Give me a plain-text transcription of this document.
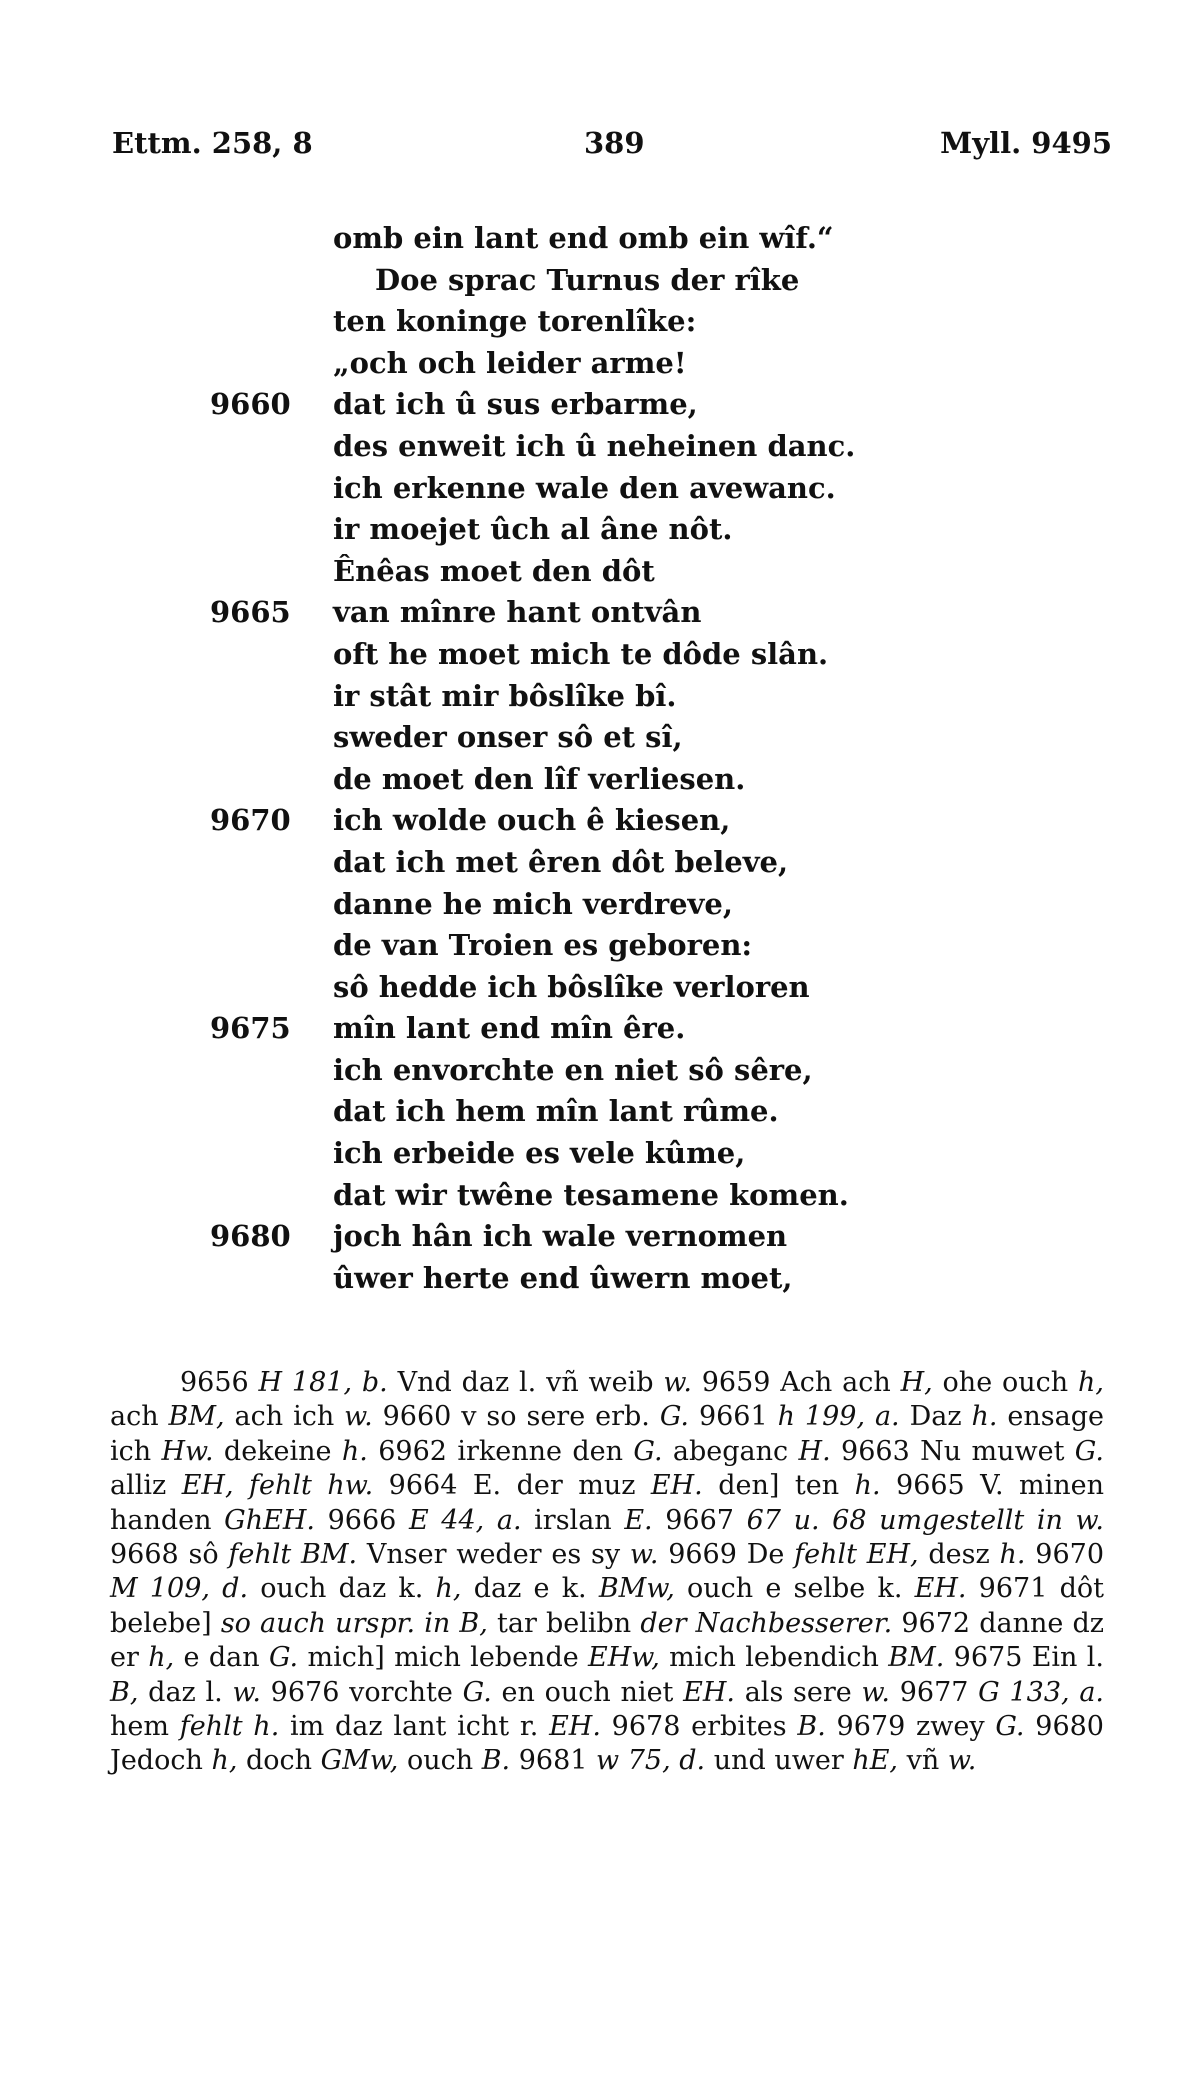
Ettm. 258, 8	389	Myll. 9495
omb ein lant end omb ein wîf.“
Doe sprac Turnus der rîke
ten koninge torenlîke:
„och och leider arme!
9660	dat ich û sus erbarme,
des enweit ich û neheinen danc.
ich erkenne wale den avewanc.
ir moejet ûch al âne nôt.
Ênêas moet den dôt
9665	van mînre hant ontvân
oft he moet mich te dôde slân.
ir stât mir bôslîke bî.
sweder onser sô et sî,
de moet den lîf verliesen.
9670	ich wolde ouch ê kiesen,
dat ich met êren dôt beleve,
danne he mich verdreve,
de van Troien es geboren:
sô hedde ich bôslîke verloren
9675	mîn lant end mîn êre.
ich envorchte en niet sô sêre,
dat ich hem mîn lant rûme.
ich erbeide es vele kûme,
dat wir twêne tesamene komen.
9680	joch hân ich wale vernomen
ûwer herte end ûwern moet,

9656 H 181, b. Vnd daz l. vñ weib w. 9659 Ach ach H, ohe ouch h, ach BM, ach ich w. 9660 v so sere erb. G. 9661 h 199, a. Daz h. ensage ich Hw. dekeine h. 6962 irkenne den G. abeganc H. 9663 Nu muwet G. alliz EH, fehlt hw. 9664 E. der muz EH. den] ten h. 9665 V. minen handen GhEH. 9666 E 44, a. irslan E. 9667 67 u. 68 umgestellt in w. 9668 sô fehlt BM. Vnser weder es sy w. 9669 De fehlt EH, desz h. 9670 M 109, d. ouch daz k. h, daz e k. BMw, ouch e selbe k. EH. 9671 dôt belebe] so auch urspr. in B, tar belibn der Nachbesserer. 9672 danne dz er h, e dan G. mich] mich lebende EHw, mich lebendich BM. 9675 Ein l. B, daz l. w. 9676 vorchte G. en ouch niet EH. als sere w. 9677 G 133, a. hem fehlt h. im daz lant icht r. EH. 9678 erbites B. 9679 zwey G. 9680 Jedoch h, doch GMw, ouch B. 9681 w 75, d. und uwer hE, vñ w.
